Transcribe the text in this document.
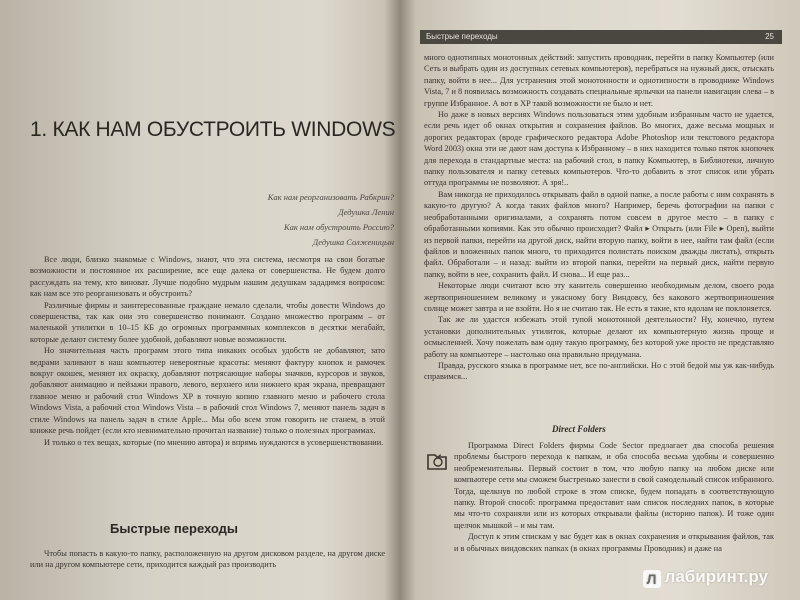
1. КАК НАМ ОБУСТРОИТЬ WINDOWS
Как нам реорганизовать Рабкрин?
Дедушка Ленин
Как нам обустроить Россию?
Дедушка Солженицын

Все люди, близко знакомые с Windows, знают, что эта система, несмотря на свои богатые возможности и постоянное их расширение, все еще далека от совершенства. Не будем долго рассуждать на тему, кто виноват. Лучше подобно мудрым нашим дедушкам зададимся вопросом: как нам все это реорганизовать и обустроить?

Различные фирмы и заинтересованные граждане немало сделали, чтобы довести Windows до совершенства, так как они это совершенство понимают. Создано множество программ – от маленькой утилитки в 10–15 КБ до огромных программных комплексов в десятки мегабайт, которые делают систему более удобной, добавляют новые возможности.

Но значительная часть программ этого типа никаких особых удобств не добавляют, зато ведрами заливают в наш компьютер невероятные красоты: меняют фактуру кнопок и рамочек вокруг окошек, меняют их окраску, добавляют потрясающие наборы значков, курсоров и звуков, добавляют анимацию и пейзажи правого, левого, верхнего или нижнего края экрана, превращают главное меню и рабочий стол Windows XP в точную копию главного меню и рабочего стола Windows Vista, а рабочий стол Windows Vista – в рабочий стол Windows 7, меняют панель задач в стиле Windows на панель задач в стиле Apple... Мы обо всем этом говорить не станем, в этой книжке речь пойдет (если кто невнимательно прочитал название) только о полезных программах.

И только о тех вещах, которые (по мнению автора) и впрямь нуждаются в усовершенствовании.

Быстрые переходы

Чтобы попасть в какую-то папку, расположенную на другом дисковом разделе, на другом диске или на другом компьютере сети, приходится каждый раз производить

Быстрые переходы	25

много однотипных монотонных действий: запустить проводник, перейти в папку Компьютер (или Сеть и выбрать один из доступных сетевых компьютеров), перебраться на нужный диск, отыскать папку, войти в нее... Для устранения этой монотонности и однотипности в проводнике Windows Vista, 7 и 8 появилась возможность создавать специальные ярлычки на панели навигации слева – в группе Избранное. А вот в XP такой возможности не было и нет.

Но даже в новых версиях Windows пользоваться этим удобным избранным часто не удается, если речь идет об окнах открытия и сохранения файлов. Во многих, даже весьма мощных и дорогих редакторах (вроде графического редактора Adobe Photoshop или текстового редактора Word 2003) окна эти не дают нам доступа к Избранному – в них находится только пяток кнопочек для перехода в стандартные места: на рабочий стол, в папку Компьютер, в Библиотеки, личную папку пользователя и папку сетевых компьютеров. Что-то добавить в этот список или убрать оттуда программы не позволяют. А зря!..

Вам никогда не приходилось открывать файл в одной папке, а после работы с ним сохранять в какую-то другую? А когда таких файлов много? Например, беречь фотографии на папки с необработанными оригиналами, а сохранять потом совсем в другое место – в папку с обработанными копиями. Как это обычно происходит? Файл ▸ Открыть (или File ▸ Open), выйти из первой папки, перейти на другой диск, найти вторую папку, войти в нее, найти там файл (если файлов и вложенных папок много, то приходится полистать поиском дважды листать), открыть файл. Обработали – и назад: выйти из второй папки, перейти на первый диск, найти первую папку, войти в нее, сохранить файл. И снова... И еще раз...

Некоторые люди считают всю эту канитель совершенно необходимым делом, своего рода жертвоприношением великому и ужасному богу Виндовсу, без какового жертвоприношения солнце может завтра и не взойти. Но я не считаю так. Не есть я такие, кто идолам не поклоняется.

Так же ли удастся избежать этой тупой монотонной деятельности? Ну, конечно, путем установки дополнительных утилиток, которые делают их компьютерную жизнь проще и осмысленней. Хочу пожелать вам одну такую программу, без которой уже просто не представляю работу на компьютере – настолько она правильно придумана.

Правда, русского языка в программе нет, все по-английски. Но с этой бедой мы уж как-нибудь справимся...

Direct Folders

Программа Direct Folders фирмы Code Sector предлагает два способа решения проблемы быстрого перехода к папкам, и оба способа весьма удобны и совершенно необременительны. Первый состоит в том, что любую папку на любом диске или компьютере сети мы сможем быстренько занести в свой самодельный список избранного. Тогда, щелкнув по любой строке в этом списке, будем попадать в соответствующую папку. Второй способ: программа предоставит нам список последних папок, в которые мы что-то сохраняли или из которых открывали файлы (историю папок). И тоже один щелчок мышкой – и мы там.

Доступ к этим спискам у вас будет как в окнах сохранения и открывания файлов, так и в обычных виндовских папках (в окнах программы Проводник) и даже на

Л лабиринт.ру
